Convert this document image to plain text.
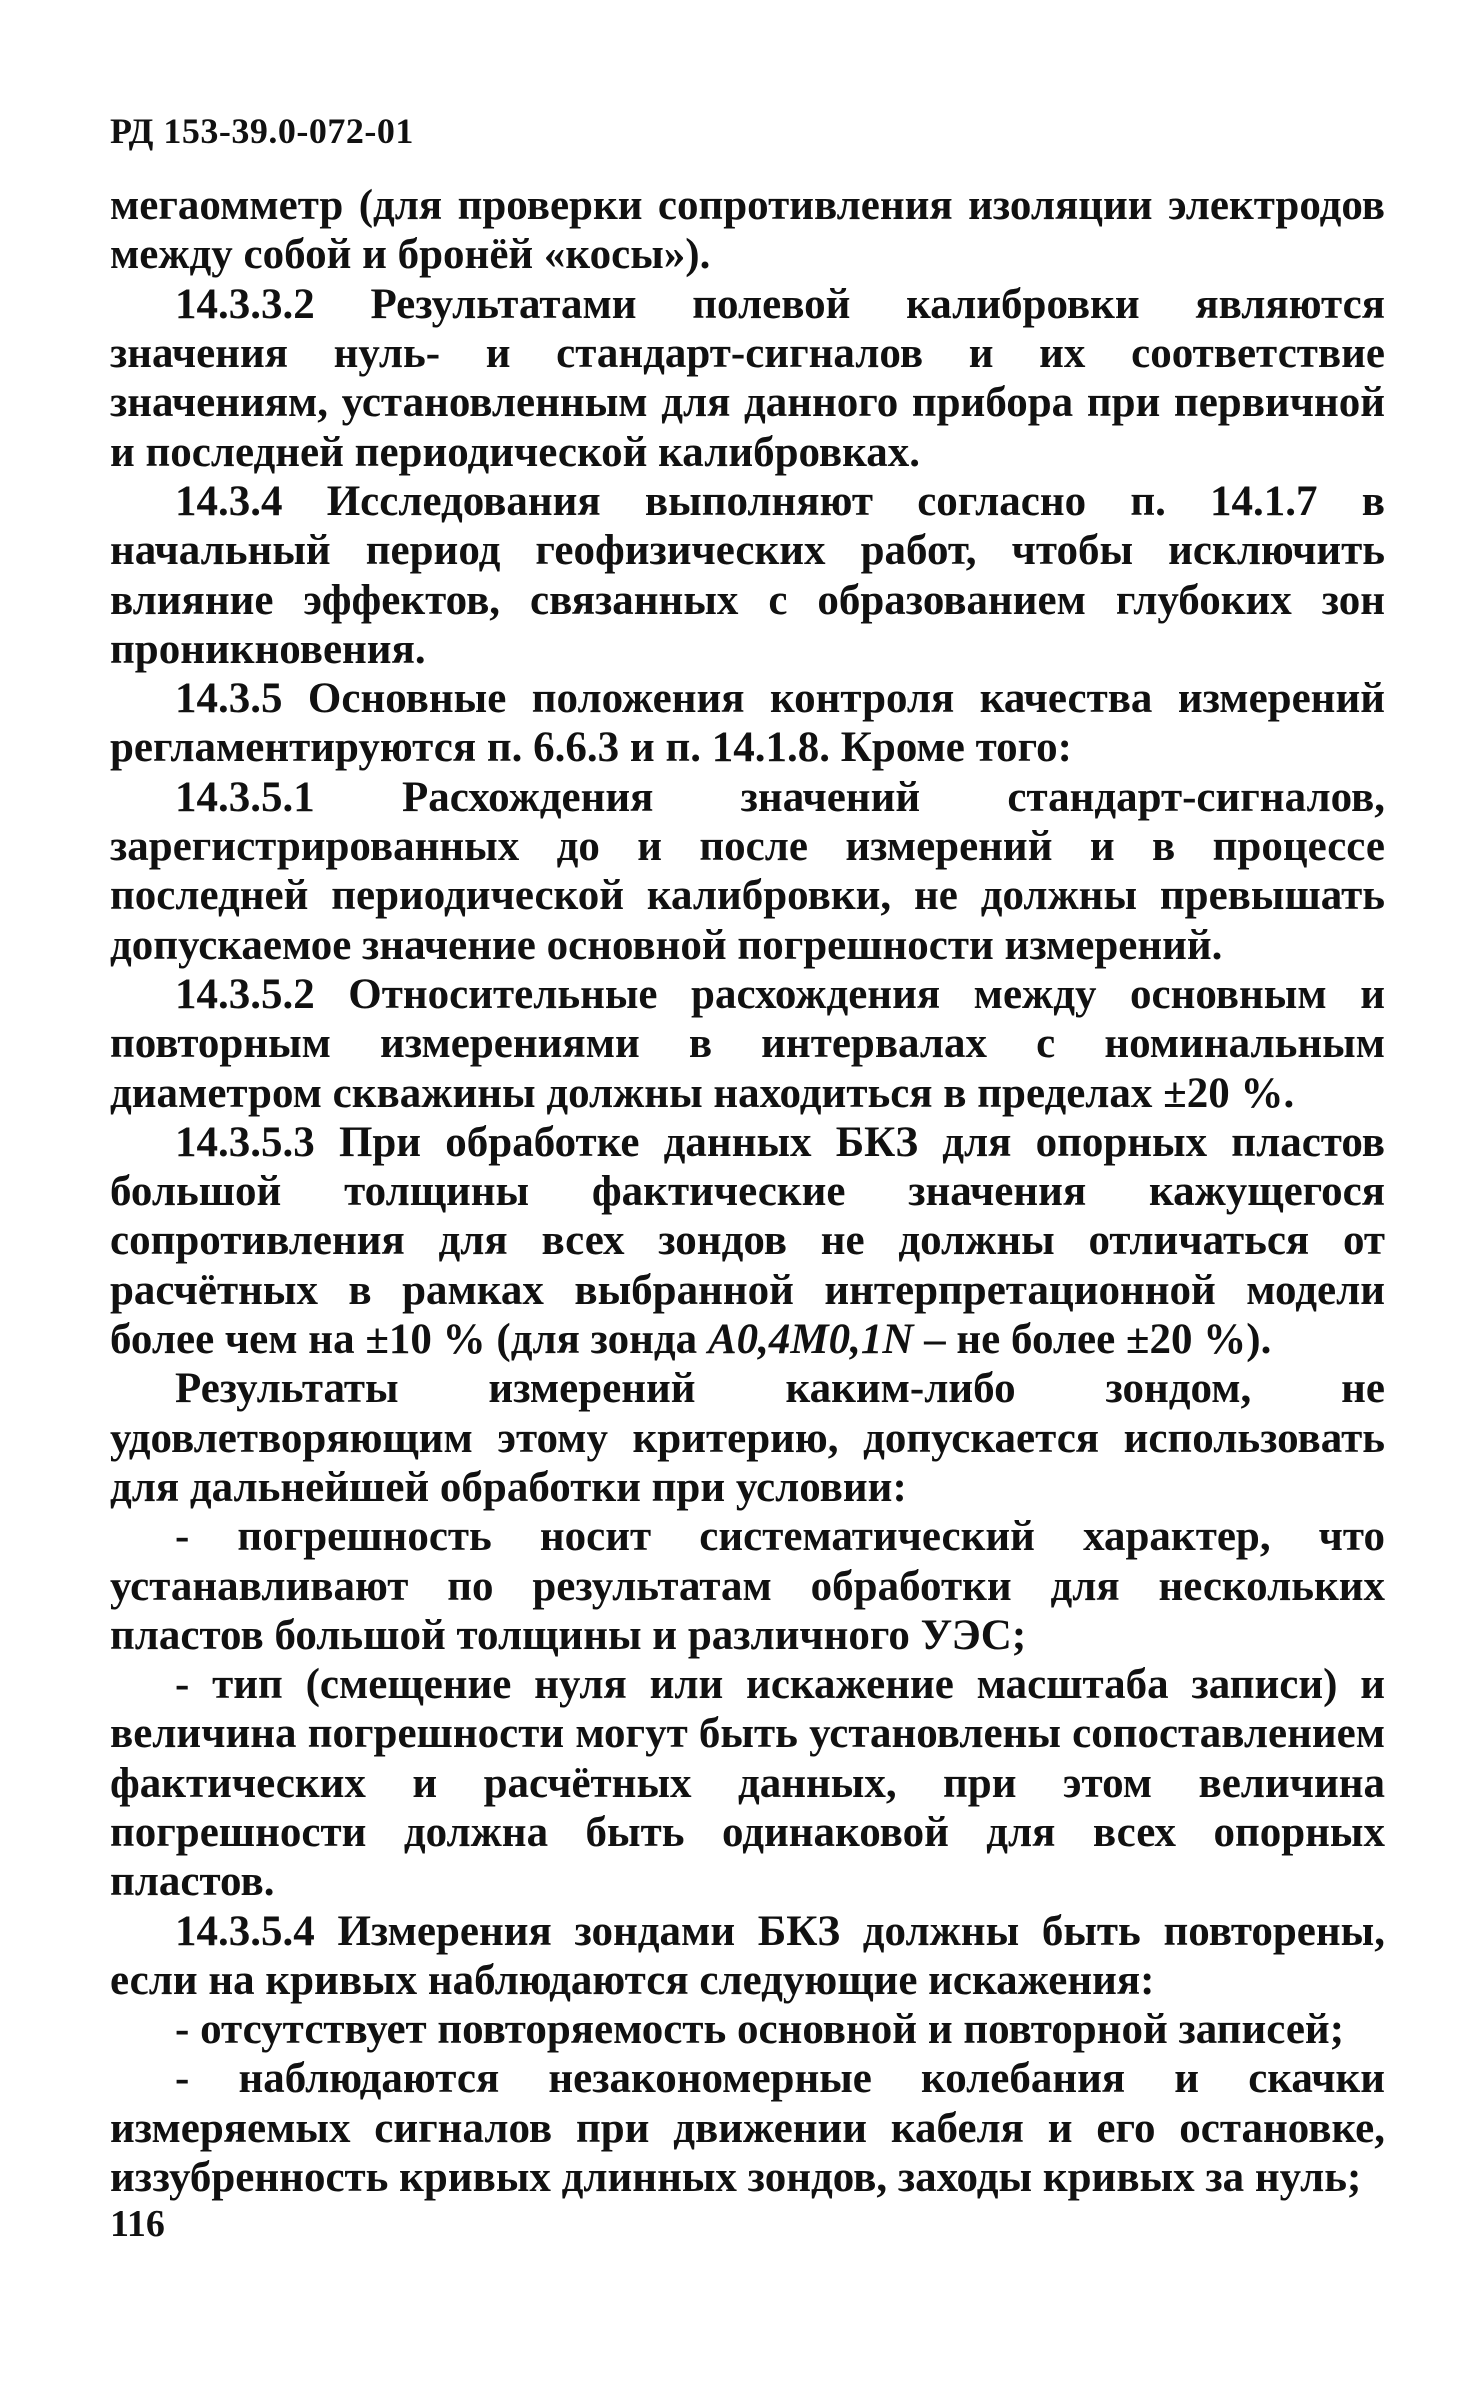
РД 153-39.0-072-01

мегаомметр (для проверки сопротивления изоляции электродов между собой и бронёй «косы»).

14.3.3.2 Результатами полевой калибровки являются значения нуль- и стандарт-сигналов и их соответствие значениям, установленным для данного прибора при первичной и последней периодической калибровках.

14.3.4 Исследования выполняют согласно п. 14.1.7 в начальный период геофизических работ, чтобы исключить влияние эффектов, связанных с образованием глубоких зон проникновения.

14.3.5 Основные положения контроля качества измерений регламентируются п. 6.6.3 и п. 14.1.8. Кроме того:

14.3.5.1 Расхождения значений стандарт-сигналов, зарегистрированных до и после измерений и в процессе последней периодической калибровки, не должны превышать допускаемое значение основной погрешности измерений.

14.3.5.2 Относительные расхождения между основным и повторным измерениями в интервалах с номинальным диаметром скважины должны находиться в пределах ±20 %.

14.3.5.3 При обработке данных БКЗ для опорных пластов большой толщины фактические значения кажущегося сопротивления для всех зондов не должны отличаться от расчётных в рамках выбранной интерпретационной модели более чем на ±10 % (для зонда A0,4M0,1N – не более ±20 %).

Результаты измерений каким-либо зондом, не удовлетворяющим этому критерию, допускается использовать для дальнейшей обработки при условии:

- погрешность носит систематический характер, что устанавливают по результатам обработки для нескольких пластов большой толщины и различного УЭС;

- тип (смещение нуля или искажение масштаба записи) и величина погрешности могут быть установлены сопоставлением фактических и расчётных данных, при этом величина погрешности должна быть одинаковой для всех опорных пластов.

14.3.5.4 Измерения зондами БКЗ должны быть повторены, если на кривых наблюдаются следующие искажения:

- отсутствует повторяемость основной и повторной записей;

- наблюдаются незакономерные колебания и скачки измеряемых сигналов при движении кабеля и его остановке, иззубренность кривых длинных зондов, заходы кривых за нуль;

116
